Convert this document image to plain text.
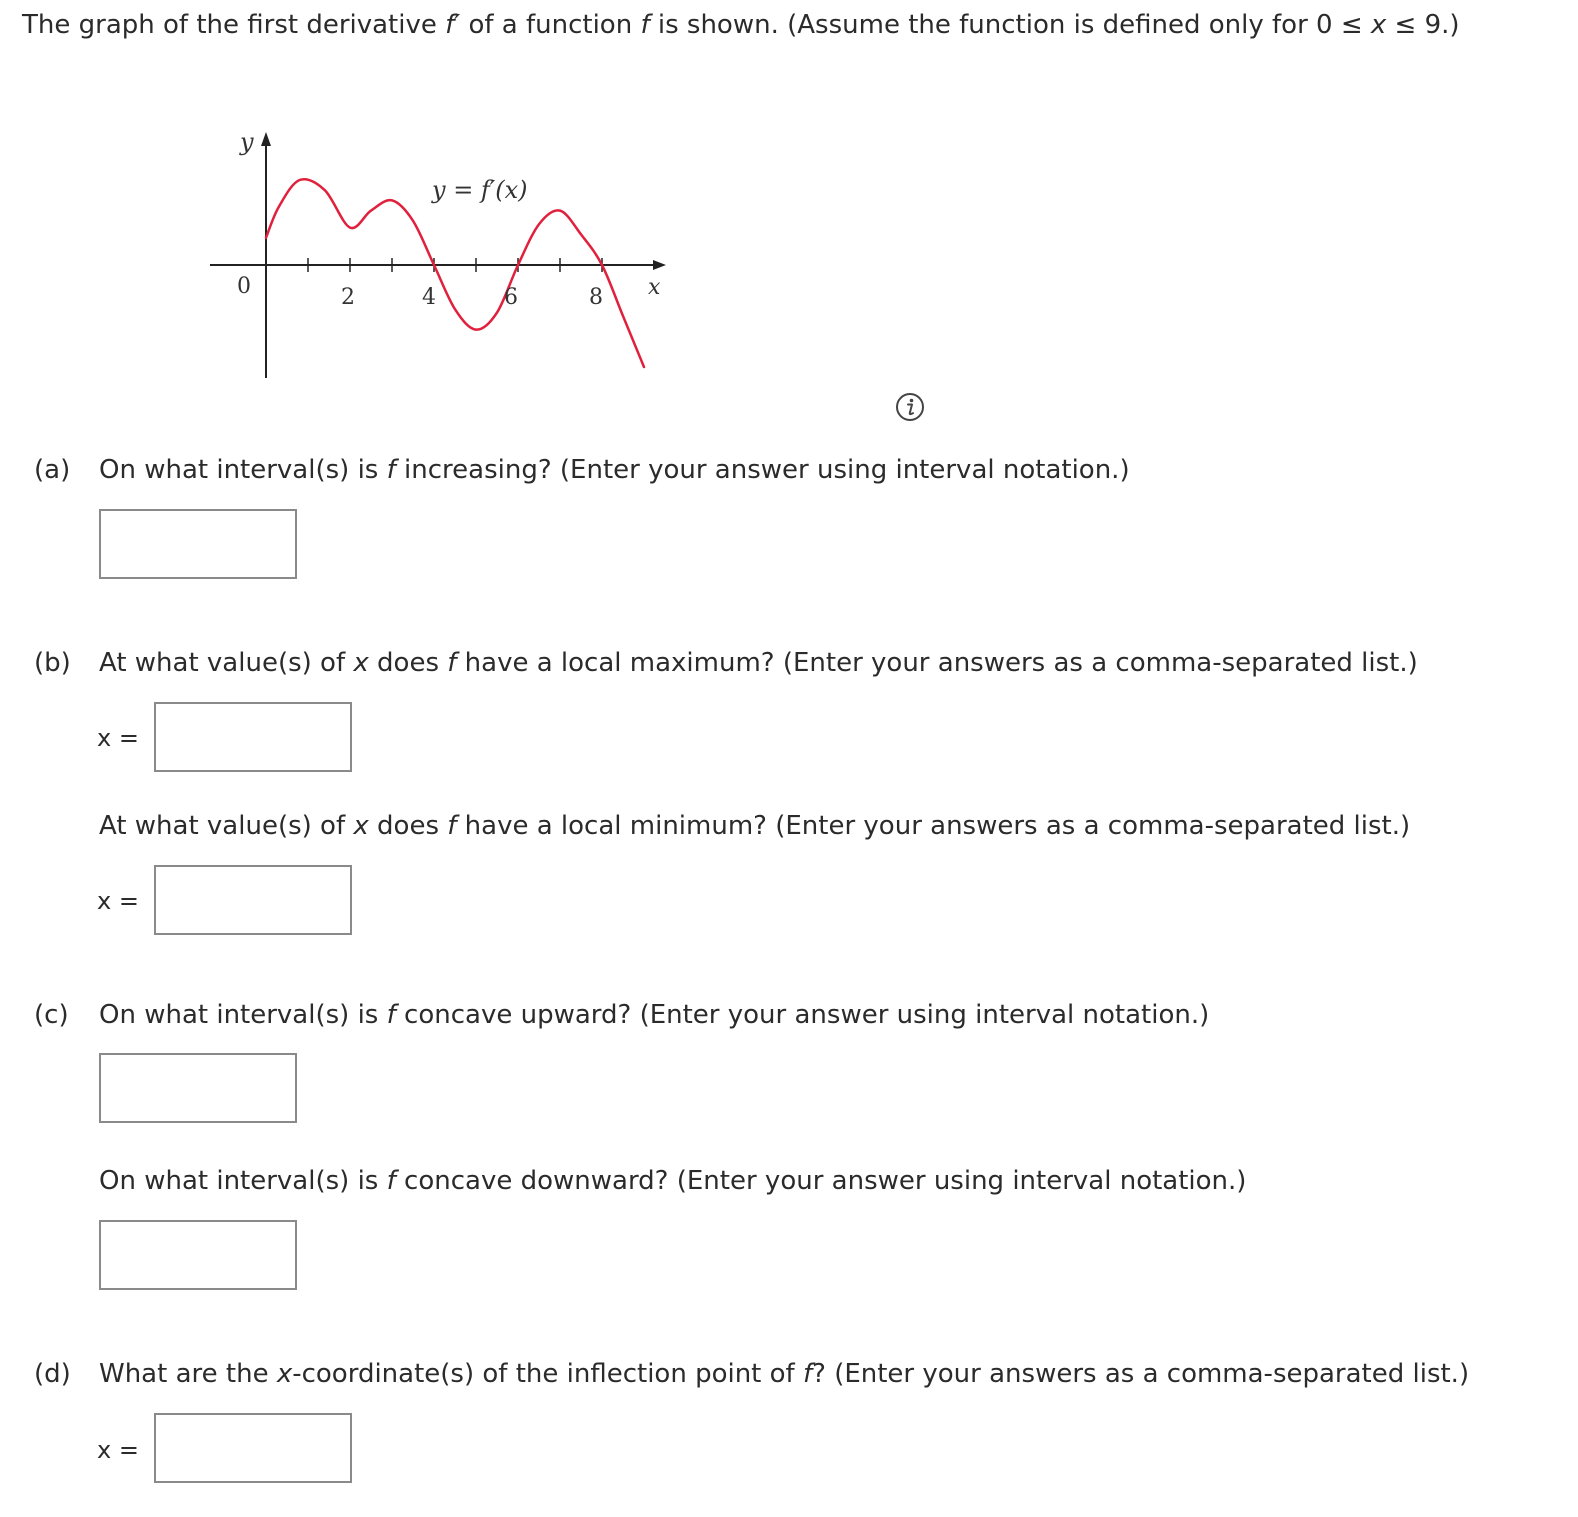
The graph of the first derivative f′ of a function f is shown. (Assume the function is defined only for 0 ≤ x ≤ 9.)
y
x
y = f′(x)
0	2	4	6	8
(a) On what interval(s) is f increasing? (Enter your answer using interval notation.)
(b) At what value(s) of x does f have a local maximum? (Enter your answers as a comma-separated list.)
x =
At what value(s) of x does f have a local minimum? (Enter your answers as a comma-separated list.)
x =
(c) On what interval(s) is f concave upward? (Enter your answer using interval notation.)
On what interval(s) is f concave downward? (Enter your answer using interval notation.)
(d) What are the x-coordinate(s) of the inflection point of f? (Enter your answers as a comma-separated list.)
x =
